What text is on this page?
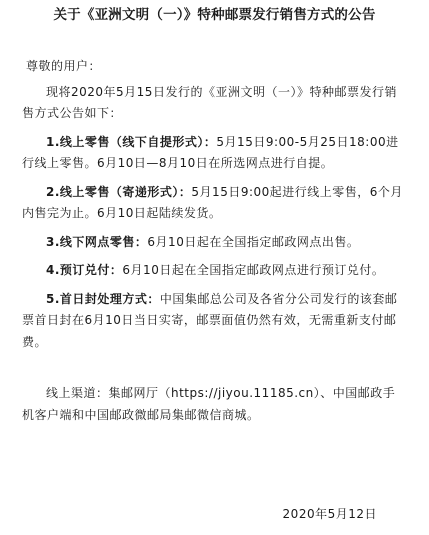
关于《亚洲文明（一）》特种邮票发行销售方式的公告

尊敬的用户：

现将2020年5月15日发行的《亚洲文明（一）》特种邮票发行销售方式公告如下：

1.线上零售（线下自提形式）：5月15日9:00-5月25日18:00进行线上零售。6月10日—8月10日在所选网点进行自提。

2.线上零售（寄递形式）：5月15日9:00起进行线上零售，6个月内售完为止。6月10日起陆续发货。

3.线下网点零售：6月10日起在全国指定邮政网点出售。

4.预订兑付：6月10日起在全国指定邮政网点进行预订兑付。

5.首日封处理方式：中国集邮总公司及各省分公司发行的该套邮票首日封在6月10日当日实寄，邮票面值仍然有效，无需重新支付邮费。

线上渠道：集邮网厅（https://jiyou.11185.cn）、中国邮政手机客户端和中国邮政微邮局集邮微信商城。

2020年5月12日
